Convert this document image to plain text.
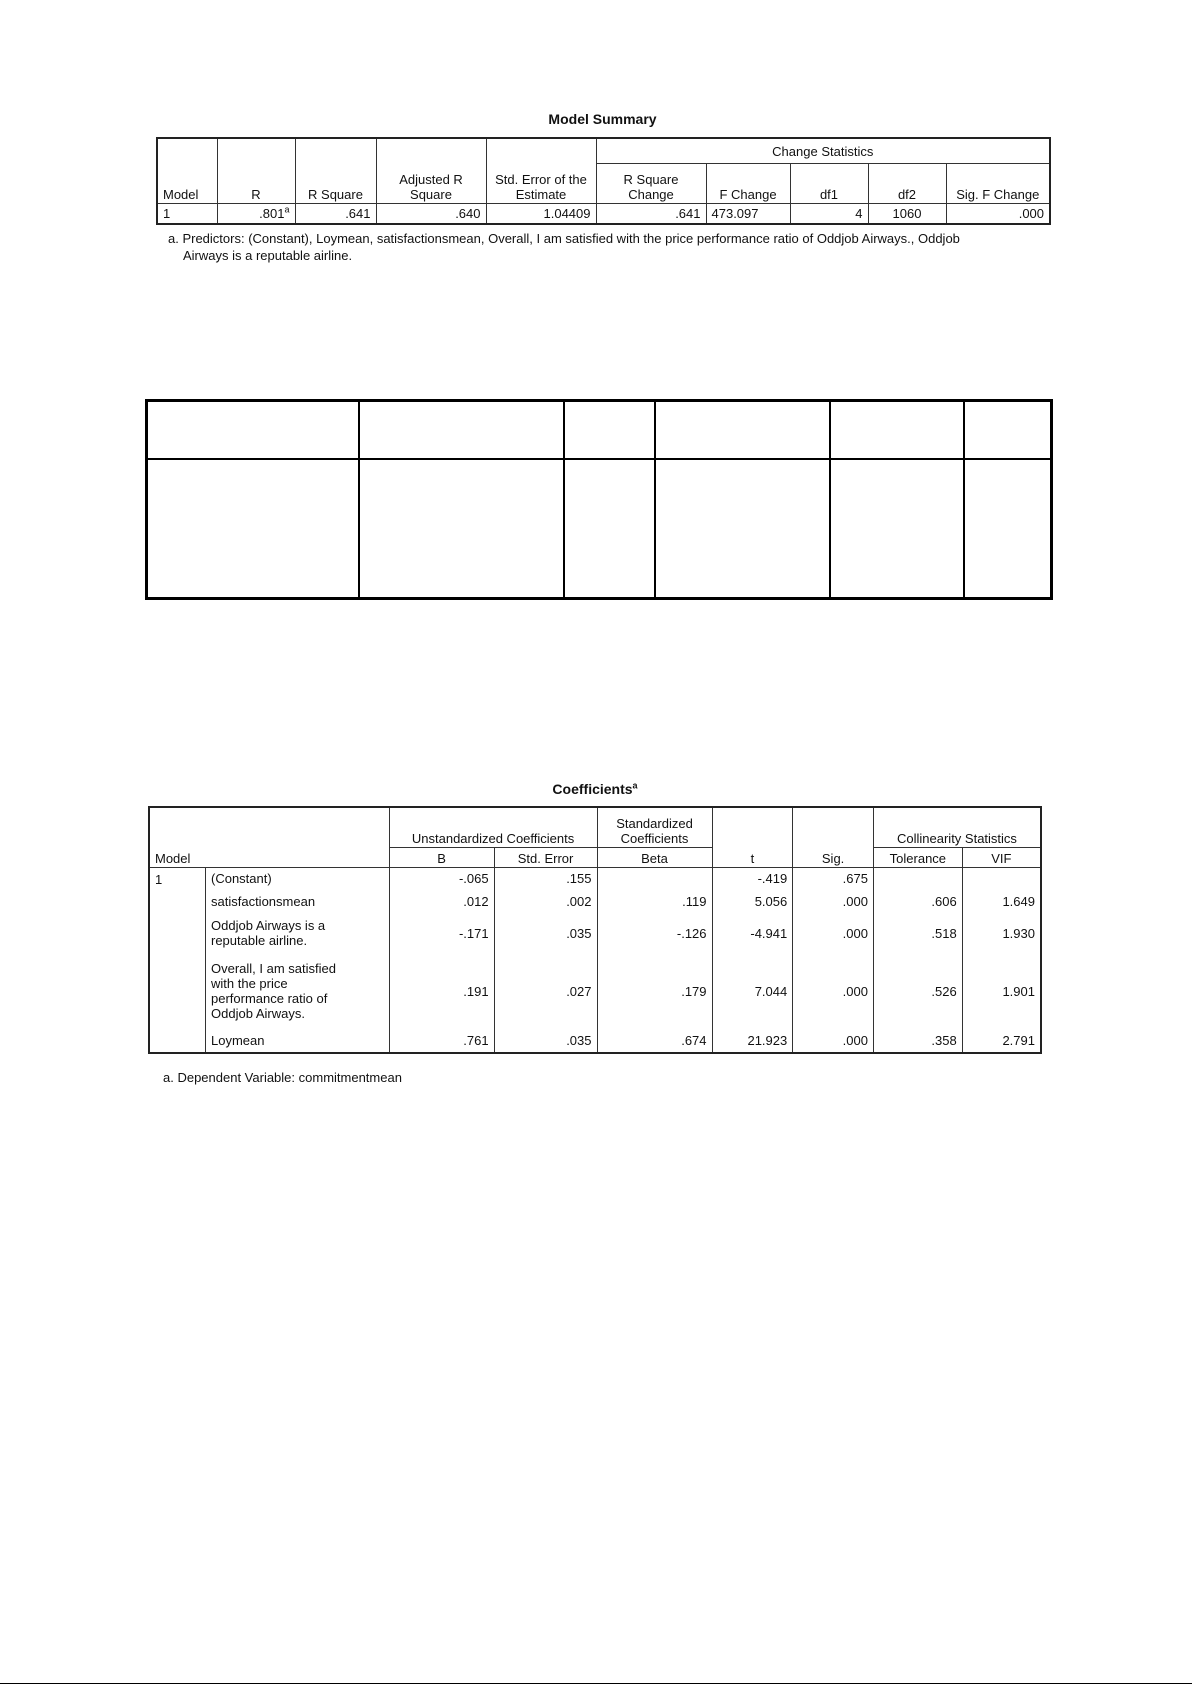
Model Summary
Model	R	R Square	Adjusted R Square	Std. Error of the Estimate	Change Statistics				
					R Square Change	F Change	df1	df2	Sig. F Change
1	.801$^a$	.641	.640	1.04409	.641	473.097	4	1060	.000
a. Predictors: (Constant), Loymean, satisfactionsmean, Overall, I am satisfied with the price performance ratio of Oddjob Airways., Oddjob
Airways is a reputable airline.
Coefficients$^a$
Model		Unstandardized Coefficients		Standardized Coefficients	t	Sig.	Collinearity Statistics	
		B	Std. Error	Beta			Tolerance	VIF
1	(Constant)	-.065	.155		-.419	.675		
	satisfactionsmean	.012	.002	.119	5.056	.000	.606	1.649
	Oddjob Airways is a reputable airline.	-.171	.035	-.126	-4.941	.000	.518	1.930
	Overall, I am satisfied with the price performance ratio of Oddjob Airways.	.191	.027	.179	7.044	.000	.526	1.901
	Loymean	.761	.035	.674	21.923	.000	.358	2.791
a. Dependent Variable: commitmentmean
